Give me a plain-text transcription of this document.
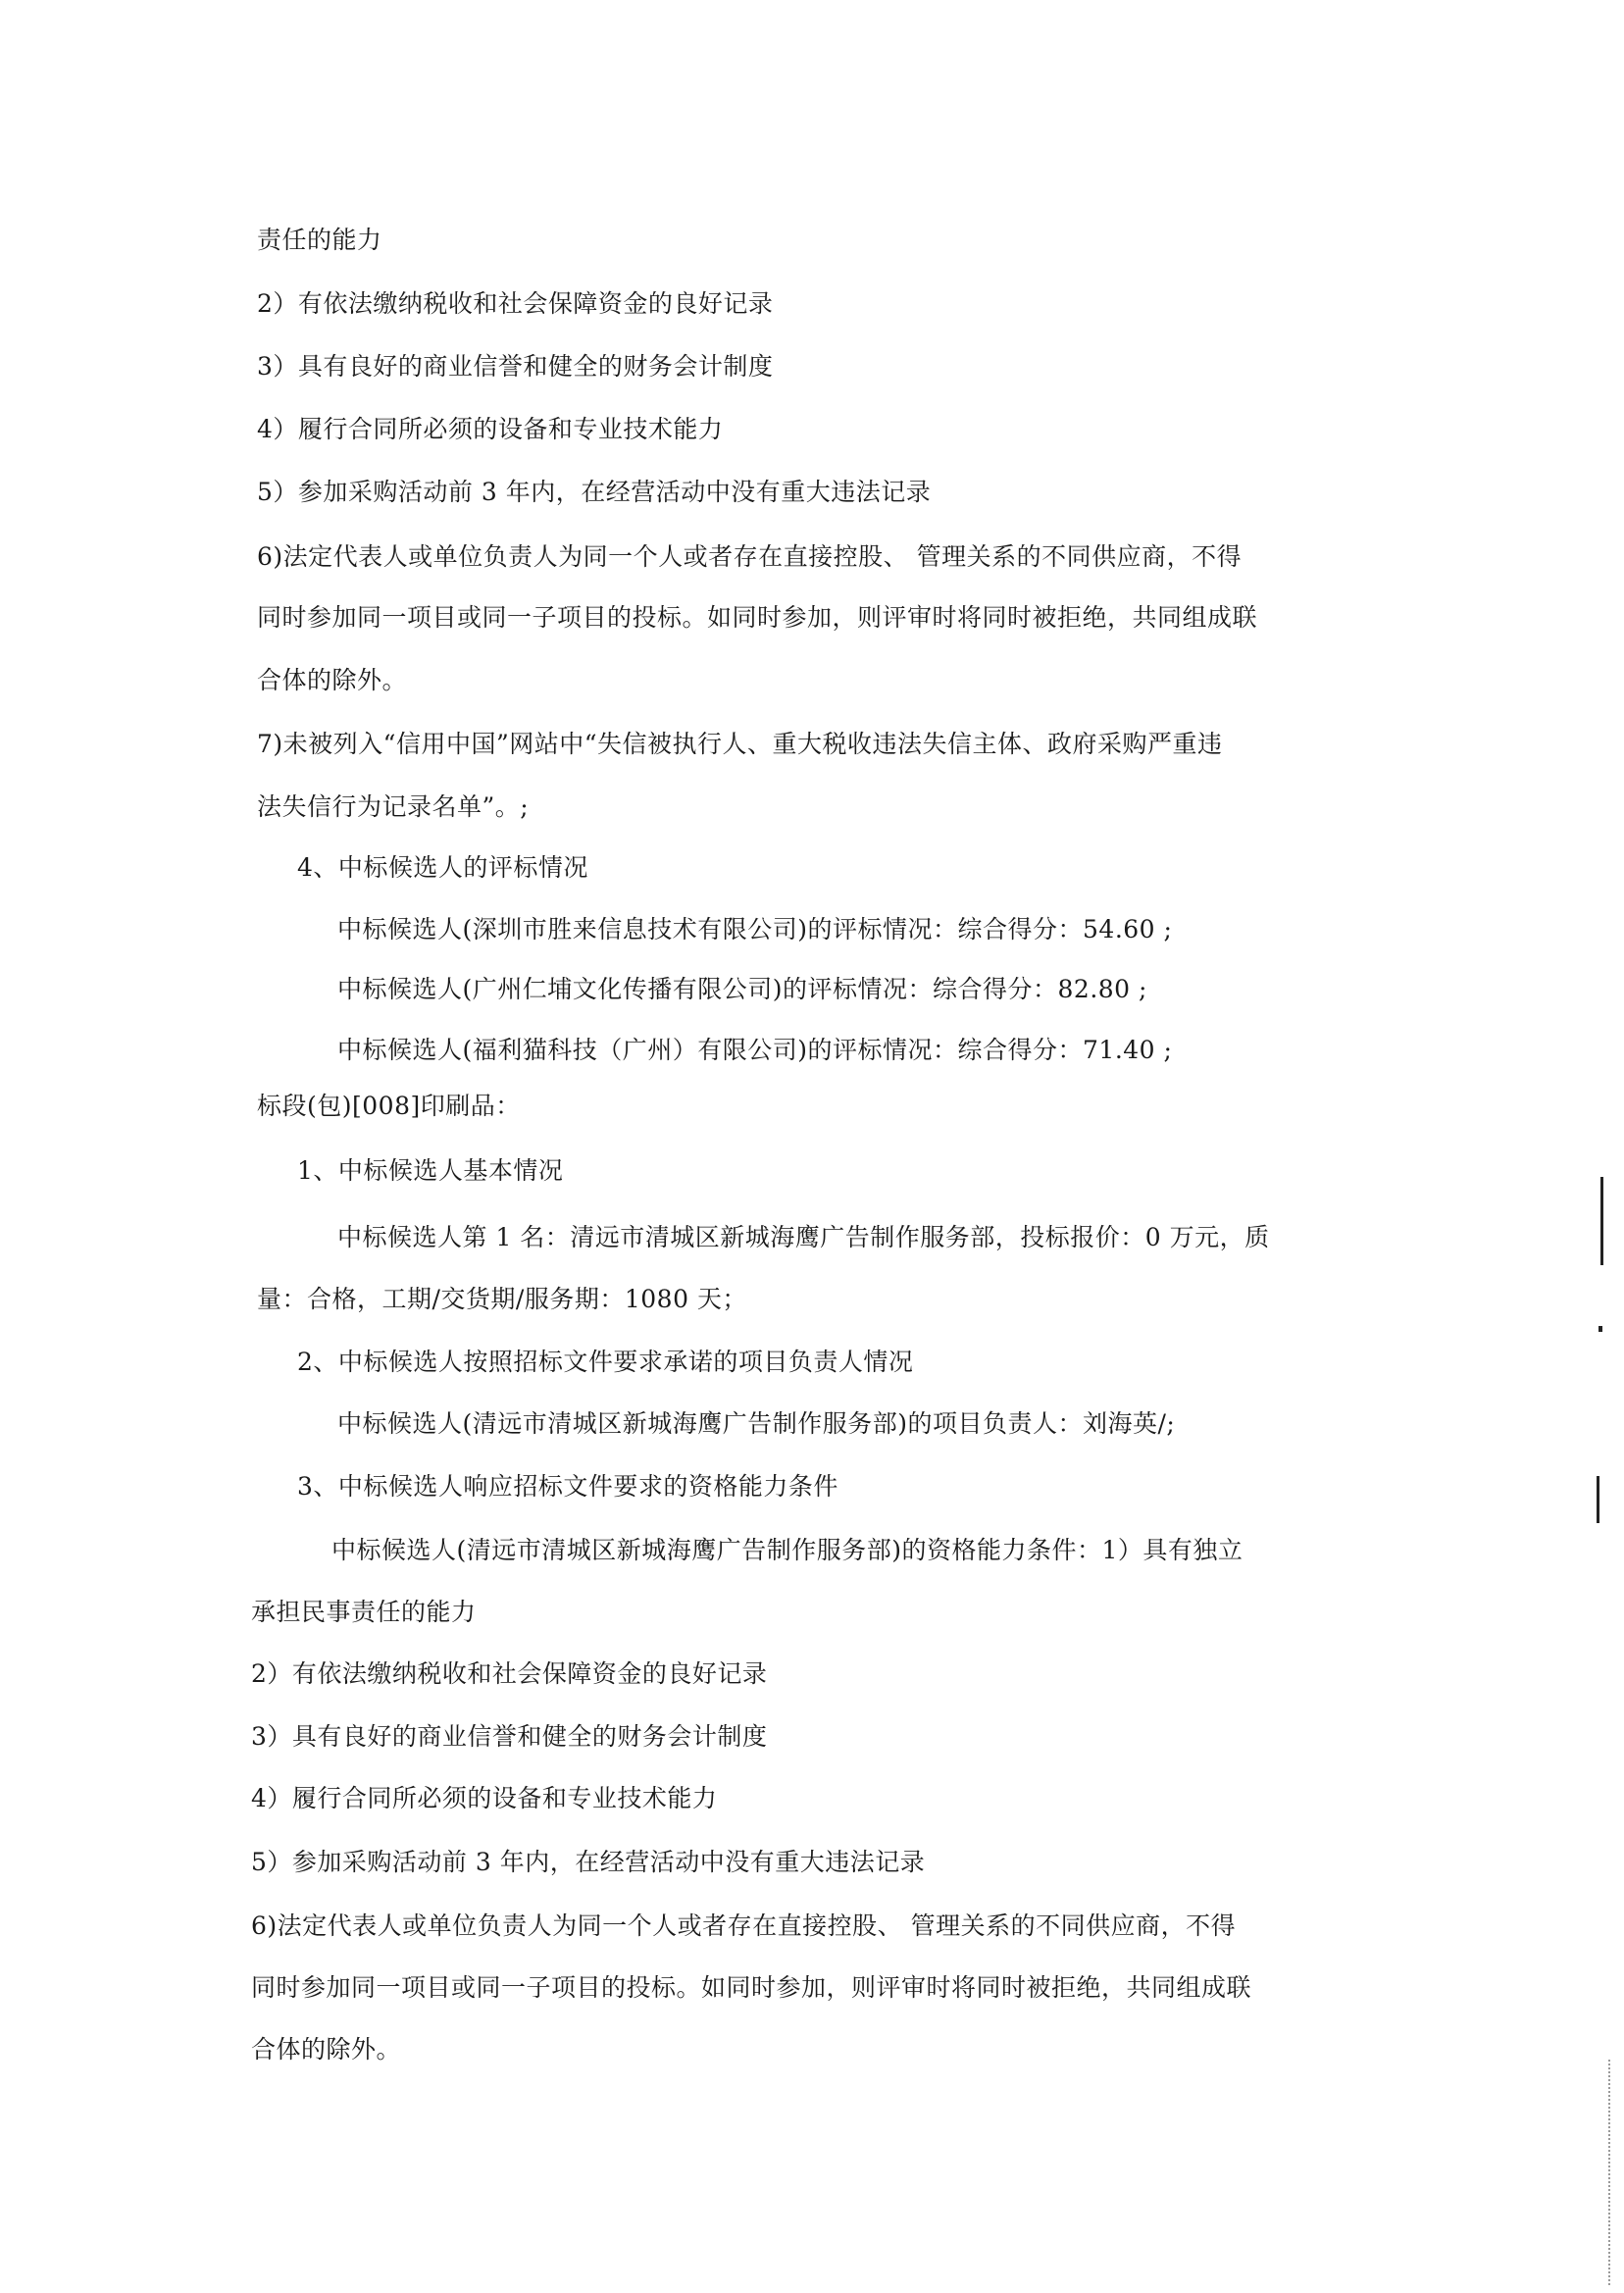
责任的能力
2）有依法缴纳税收和社会保障资金的良好记录
3）具有良好的商业信誉和健全的财务会计制度
4）履行合同所必须的设备和专业技术能力
5）参加采购活动前 3 年内，在经营活动中没有重大违法记录
6)法定代表人或单位负责人为同一个人或者存在直接控股、 管理关系的不同供应商，不得
同时参加同一项目或同一子项目的投标。如同时参加，则评审时将同时被拒绝，共同组成联
合体的除外。
7)未被列入“信用中国”网站中“失信被执行人、重大税收违法失信主体、政府采购严重违
法失信行为记录名单”。;
4、中标候选人的评标情况
中标候选人(深圳市胜来信息技术有限公司)的评标情况：综合得分：54.60 ;
中标候选人(广州仁埔文化传播有限公司)的评标情况：综合得分：82.80 ;
中标候选人(福利猫科技（广州）有限公司)的评标情况：综合得分：71.40 ;
标段(包)[008]印刷品：
1、中标候选人基本情况
中标候选人第 1 名：清远市清城区新城海鹰广告制作服务部，投标报价：0 万元，质
量：合格，工期/交货期/服务期：1080 天；
2、中标候选人按照招标文件要求承诺的项目负责人情况
中标候选人(清远市清城区新城海鹰广告制作服务部)的项目负责人：刘海英/;
3、中标候选人响应招标文件要求的资格能力条件
中标候选人(清远市清城区新城海鹰广告制作服务部)的资格能力条件：1）具有独立
承担民事责任的能力
2）有依法缴纳税收和社会保障资金的良好记录
3）具有良好的商业信誉和健全的财务会计制度
4）履行合同所必须的设备和专业技术能力
5）参加采购活动前 3 年内，在经营活动中没有重大违法记录
6)法定代表人或单位负责人为同一个人或者存在直接控股、 管理关系的不同供应商，不得
同时参加同一项目或同一子项目的投标。如同时参加，则评审时将同时被拒绝，共同组成联
合体的除外。
